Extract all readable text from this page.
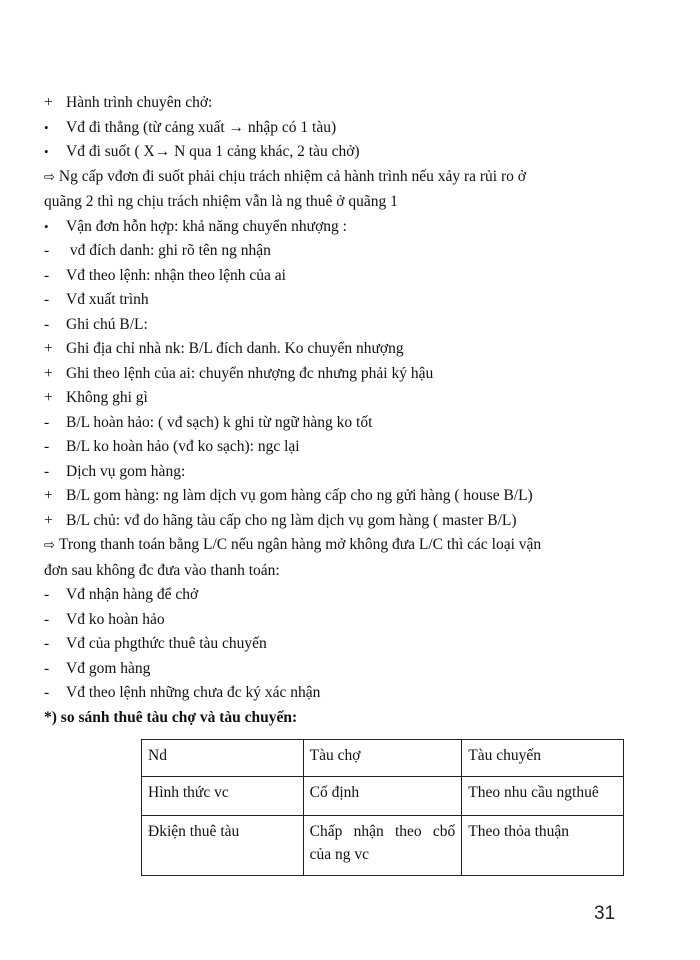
+ Hành trình chuyên chở:
•	Vđ đi thẳng (từ cảng xuất → nhập có 1 tàu)
•	Vđ đi suốt ( X→ N qua 1 cảng khác, 2 tàu chở)
⇨ Ng cấp vđơn đi suốt phải chịu trách nhiệm cả hành trình nếu xảy ra rủi ro ở
quãng 2 thì ng chịu trách nhiệm vẫn là ng thuê ở quãng 1
•	Vận đơn hỗn hợp: khả năng chuyển nhượng :
-	vđ đích danh: ghi rõ tên ng nhận
-	Vđ theo lệnh: nhận theo lệnh của ai
-	Vđ xuất trình
-	Ghi chú B/L:
+ Ghi địa chỉ nhà nk: B/L đích danh. Ko chuyển nhượng
+ Ghi theo lệnh của ai: chuyển nhượng đc nhưng phải ký hậu
+ Không ghi gì
-	B/L hoàn hảo: ( vđ sạch) k ghi từ ngữ hàng ko tốt
-	B/L ko hoàn hảo (vđ ko sạch): ngc lại
-	Dịch vụ gom hàng:
+ B/L gom hàng: ng làm dịch vụ gom hàng cấp cho ng gửi hàng ( house B/L)
+ B/L chủ: vđ do hãng tàu cấp cho ng làm dịch vụ gom hàng ( master B/L)
⇨ Trong thanh toán bằng L/C nếu ngân hàng mở không đưa L/C thì các loại vận
đơn sau không đc đưa vào thanh toán:
-	Vđ nhận hàng để chở
-	Vđ ko hoàn hảo
-	Vđ của phgthức thuê tàu chuyến
-	Vđ gom hàng
-	Vđ theo lệnh những chưa đc ký xác nhận
*) so sánh thuê tàu chợ và tàu chuyến:
Nd	Tàu chợ	Tàu chuyến
Hình thức vc	Cố định	Theo nhu cầu ngthuê
Đkiện thuê tàu	Chấp nhận theo cbố của ng vc	Theo thỏa thuận
31
